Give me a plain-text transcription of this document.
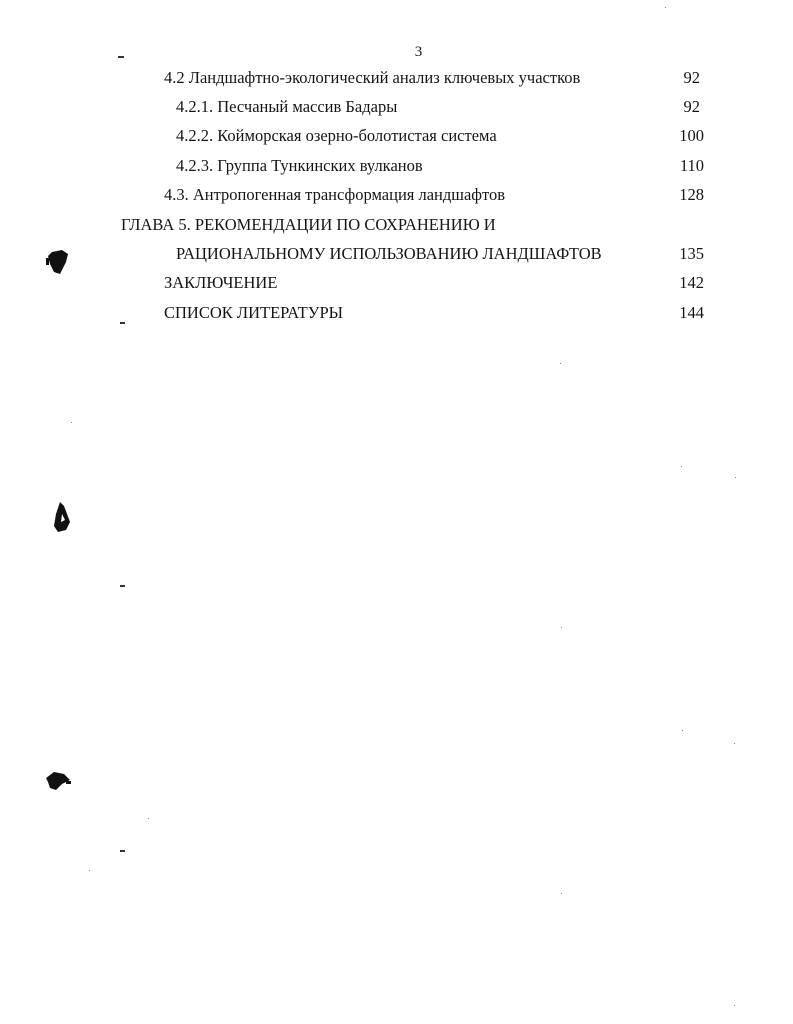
3
4.2 Ландшафтно-экологический анализ ключевых участков	92
4.2.1. Песчаный массив Бадары	92
4.2.2. Койморская озерно-болотистая система	100
4.2.3. Группа Тункинских вулканов	110
4.3. Антропогенная трансформация ландшафтов	128
ГЛАВА 5. РЕКОМЕНДАЦИИ ПО СОХРАНЕНИЮ И
РАЦИОНАЛЬНОМУ ИСПОЛЬЗОВАНИЮ ЛАНДШАФТОВ	135
ЗАКЛЮЧЕНИЕ	142
СПИСОК ЛИТЕРАТУРЫ	144
